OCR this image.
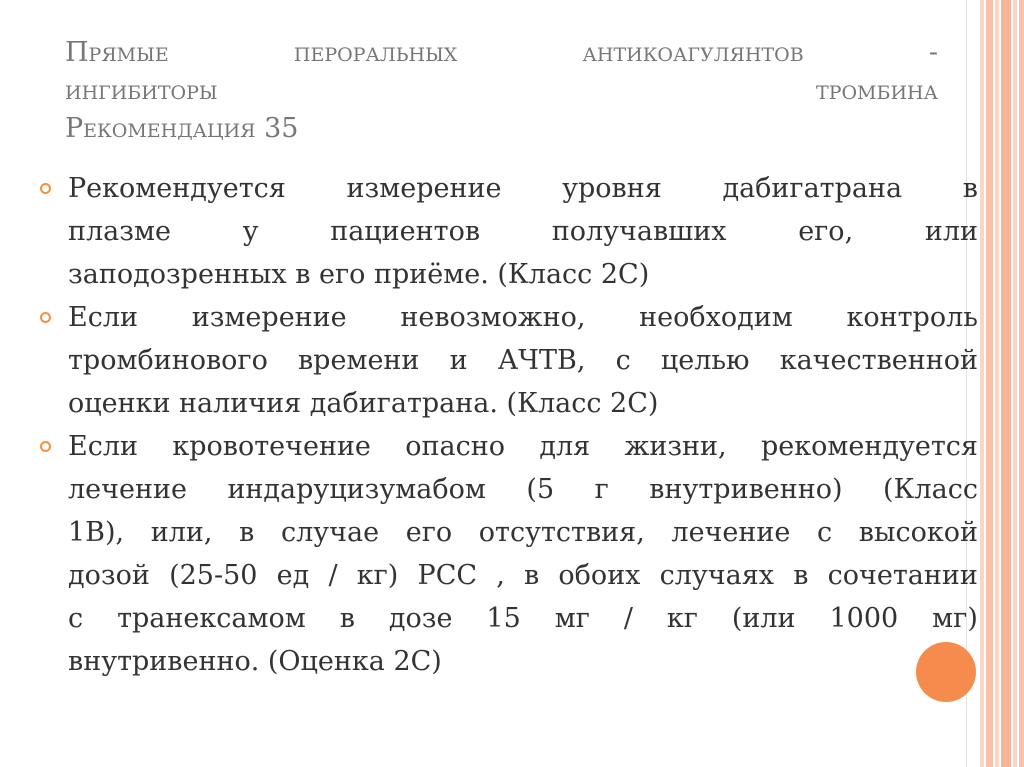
Прямые	пероральных	антикоагулянтов	-
ингибиторы	тромбина
Рекомендация 35
Рекомендуется измерение уровня дабигатрана в
плазме	у	пациентов	получавших	его,	или
заподозренных в его приёме. (Класс 2С)
Если измерение невозможно, необходим контроль
тромбинового времени и АЧТВ, с целью качественной
оценки наличия дабигатрана. (Класс 2С)
Если кровотечение опасно для жизни, рекомендуется
лечение индаруцизумабом (5 г внутривенно) (Класс
1В), или, в случае его отсутствия, лечение с высокой
дозой (25-50 ед / кг) PCC , в обоих случаях в сочетании
с транексамом в дозе 15 мг / кг (или 1000 мг)
внутривенно. (Оценка 2С)
